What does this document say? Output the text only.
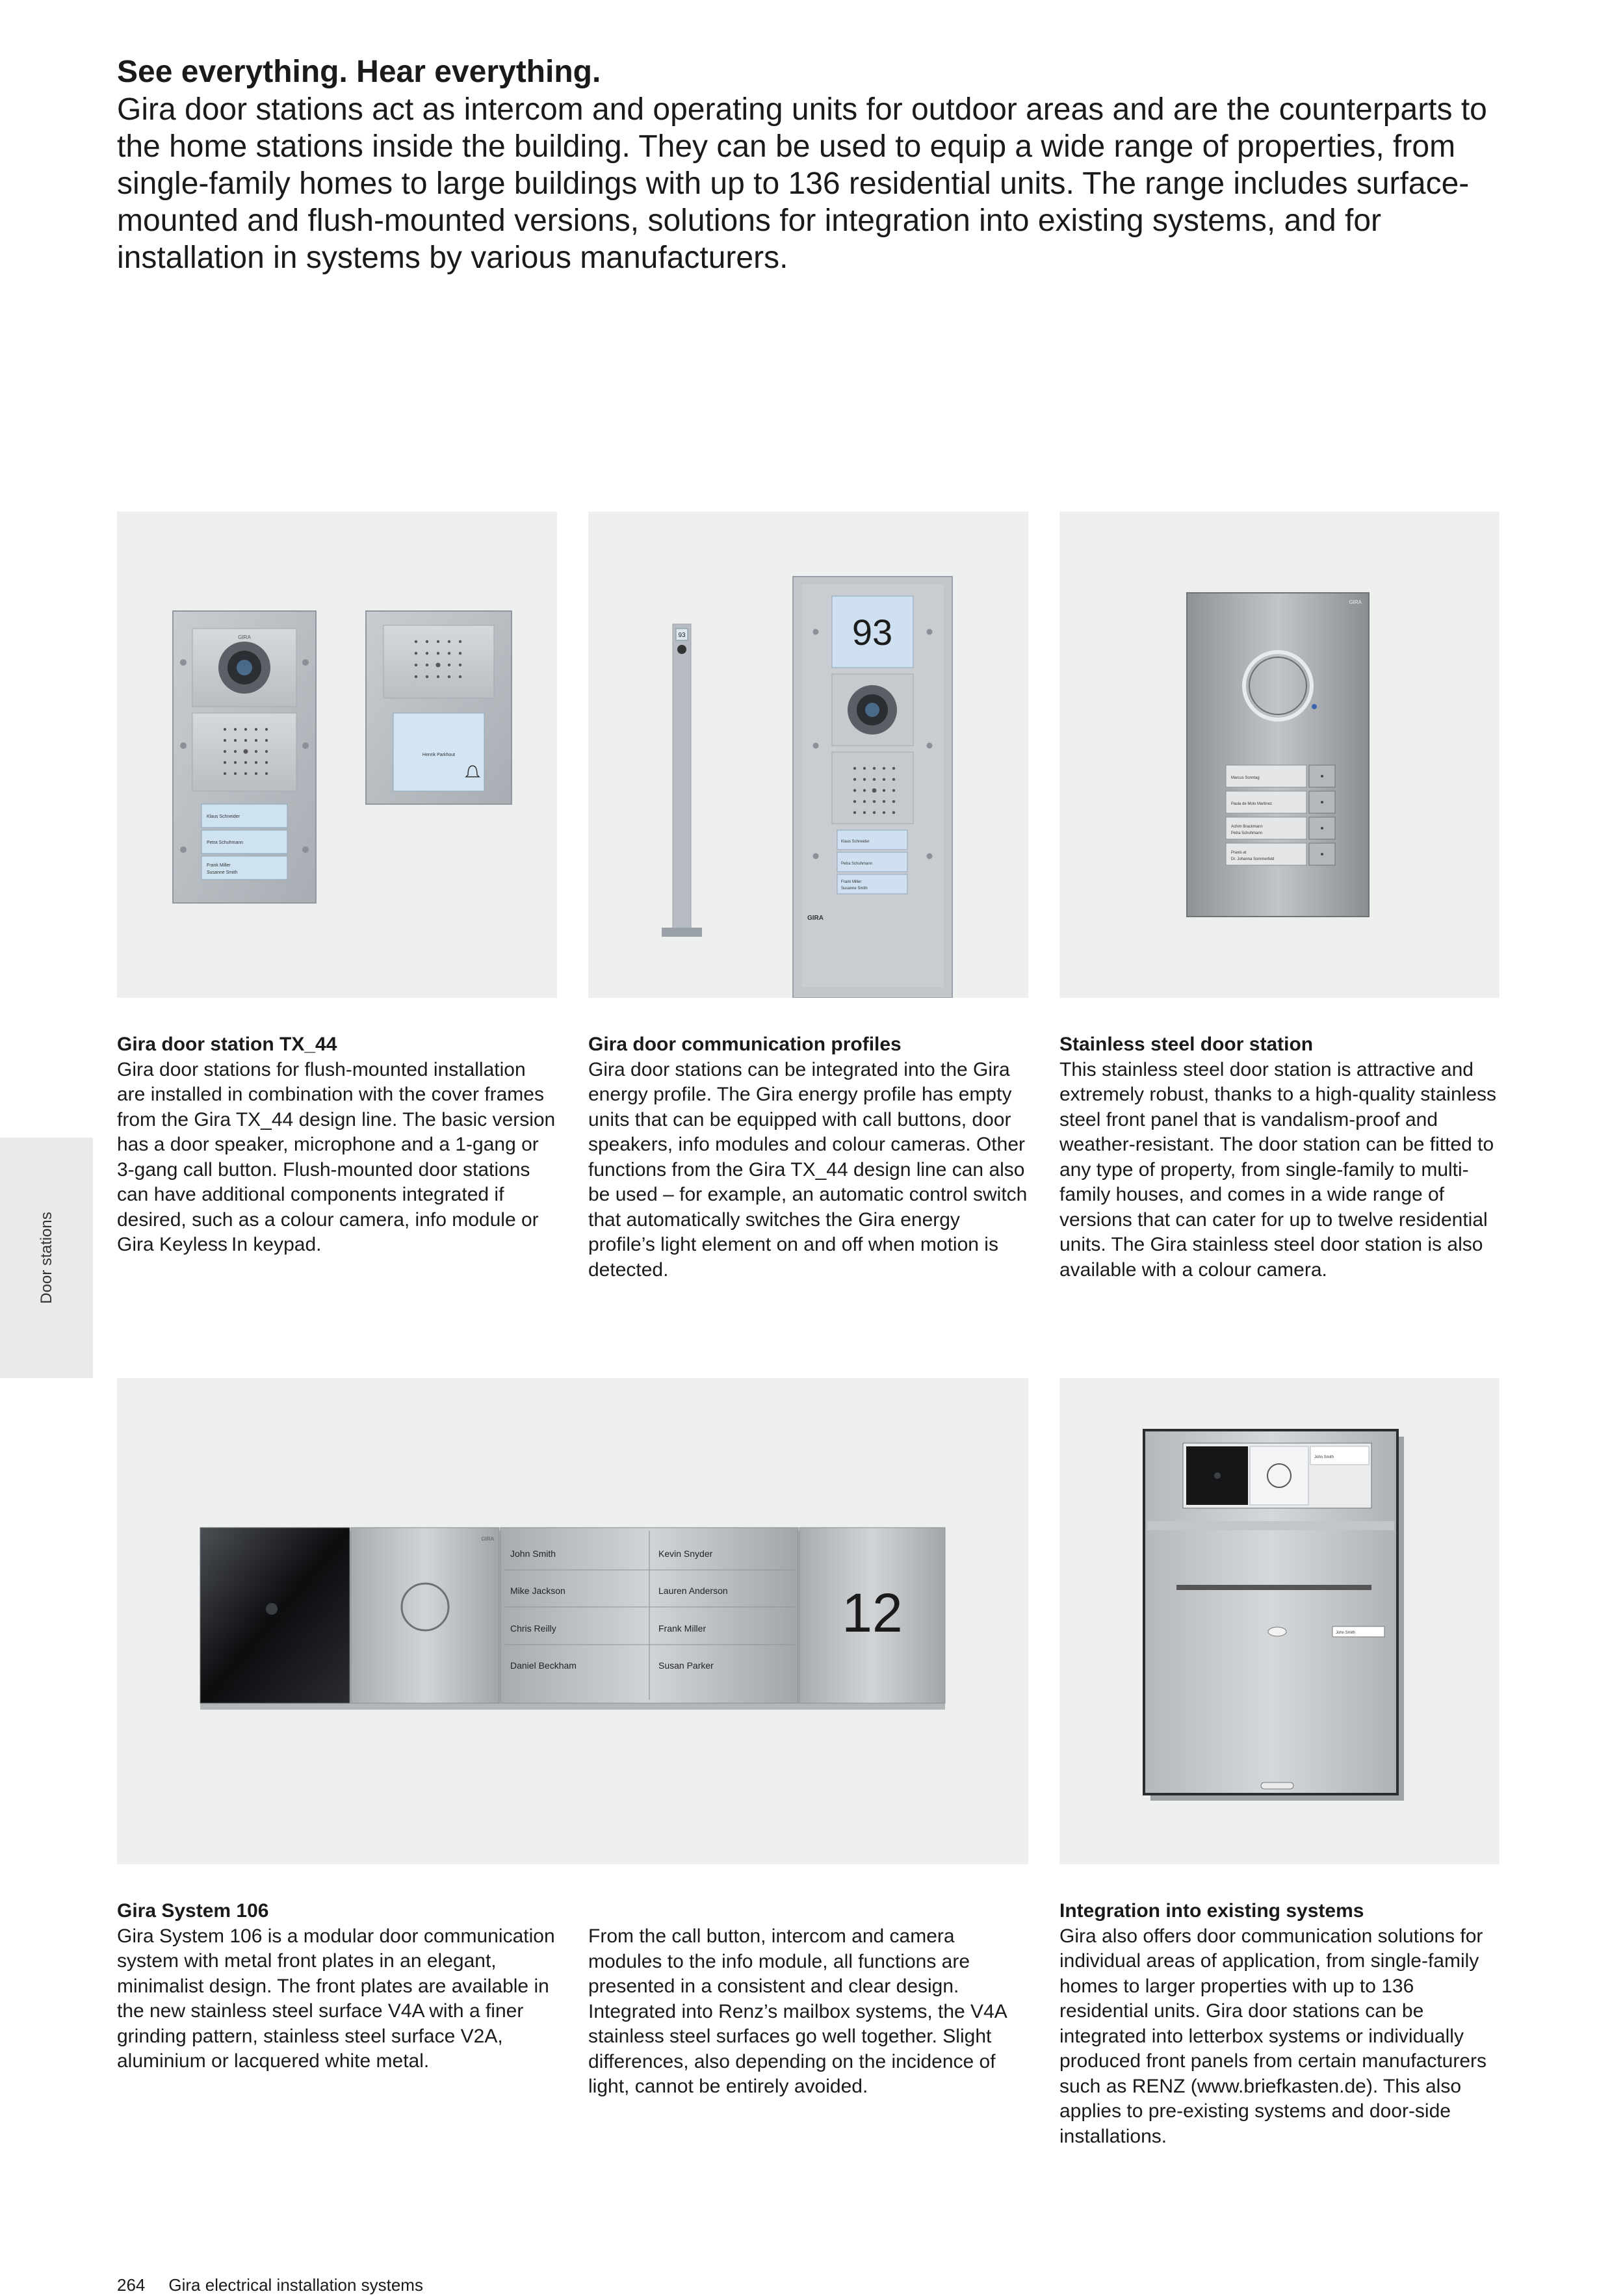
See everything. Hear everything.

Gira door stations act as intercom and operating units for outdoor areas and are the counterparts to the home stations inside the building. They can be used to equip a wide range of properties, from single-family homes to large buildings with up to 136 residential units. The range includes surface-mounted and flush-mounted versions, solutions for integration into existing systems, and for installation in systems by various manufacturers.

Door stations
GIRA
Klaus Schneider
Petra Schuhmann
Frank Miller
Susanne Smith
Henrik Parkhout
93	93
Klaus Schneider
Petra Schuhmann
Frank Miller
Susanne Smith
GIRA
GIRA
Marcus Sonntag
Paula de Molo Martinez
Achim Brackmann
Petra Schuhmann
Praxis at
Dr. Johanna Sommerfeld
Gira door station TX_44

Gira door stations for flush-mounted installation are installed in combination with the cover frames from the Gira TX_44 design line. The basic version has a door speaker, microphone and a 1-gang or 3-gang call button. Flush-mounted door stations can have additional components integrated if desired, such as a colour camera, info module or Gira Keyless In keypad.

Gira door communication profiles

Gira door stations can be integrated into the Gira energy profile. The Gira energy profile has empty units that can be equipped with call buttons, door speakers, info modules and colour cameras. Other functions from the Gira TX_44 design line can also be used – for example, an automatic control switch that automatically switches the Gira energy profile’s light element on and off when motion is detected.

Stainless steel door station

This stainless steel door station is attractive and extremely robust, thanks to a high-quality stainless steel front panel that is vandalism-proof and weather-resistant. The door station can be fitted to any type of property, from single-family to multi-family houses, and comes in a wide range of versions that can cater for up to twelve residential units. The Gira stainless steel door station is also available with a colour camera.

John Smith
Mike Jackson
Chris Reilly
Daniel Beckham
Kevin Snyder
Lauren Anderson
Frank Miller
Susan Parker
GIRA
12
John Smith
John Smith
Gira System 106

Gira System 106 is a modular door communication system with metal front plates in an elegant, minimalist design. The front plates are available in the new stainless steel surface V4A with a finer grinding pattern, stainless steel surface V2A, aluminium or lacquered white metal.

From the call button, intercom and camera modules to the info module, all functions are presented in a consistent and clear design. Integrated into Renz’s mailbox systems, the V4A stainless steel surfaces go well together. Slight differences, also depending on the incidence of light, cannot be entirely avoided.

Integration into existing systems

Gira also offers door communication solutions for individual areas of application, from single-family homes to larger properties with up to 136 residential units. Gira door stations can be integrated into letterbox systems or individually produced front panels from certain manufacturers such as RENZ (www.briefkasten.de). This also applies to pre-existing systems and door-side installations.

264 Gira electrical installation systems
